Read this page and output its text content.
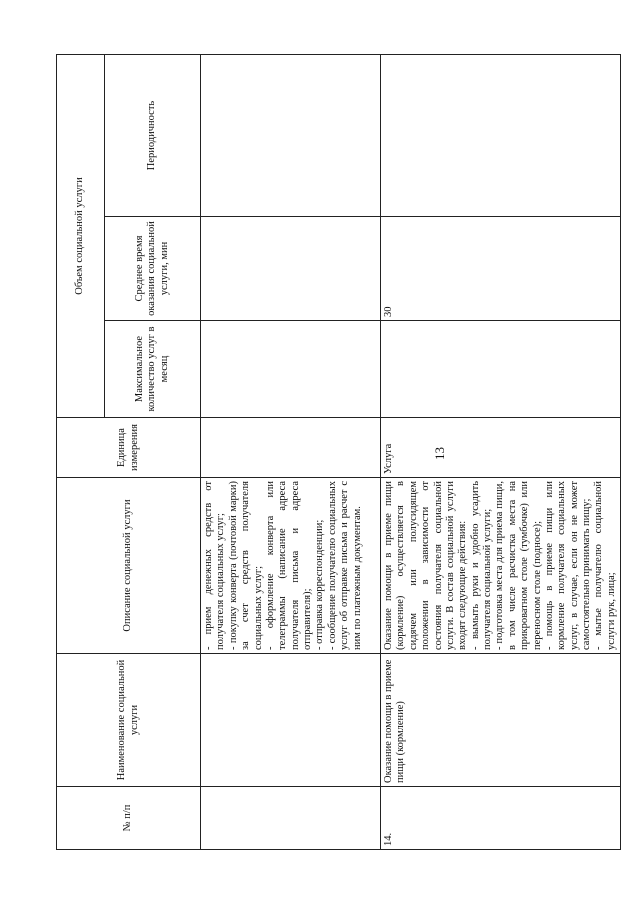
13
№ п/п	Наименование социальной услуги	Описание социальной услуги	Единица измерения	Объем социальной услуги		
				Максимальное количество услуг в месяц	Среднее время оказания социальной услуги, мин	Периодичность

		- прием денежных средств от получателя социальных услуг; - покупку конверта (почтовой марки) за счет средств получателя социальных услуг; - оформление конверта или телеграммы (написание адреса получателя письма и адреса отправителя); - отправка корреспонденции; - сообщение получателю социальных услуг об отправке письма и расчет с ним по платежным документам.				

14.	Оказание помощи в приеме пищи (кормление)	Оказание помощи в приеме пищи (кормление) осуществляется в сидячем или полусидящем положении в зависимости от состояния получателя социальной услуги. В состав социальной услуги входят следующие действия: - вымыть руки и удобно усадить получателя социальной услуги; - подготовка места для приема пищи, в том числе расчистка места на прикроватном столе (тумбочке) или переносном столе (подносе); - помощь в приеме пищи или кормление получателя социальных услуг, в случае, если он не может самостоятельно принимать пищу; - мытье получателю социальной услуги рук, лица;	Услуга		30	
